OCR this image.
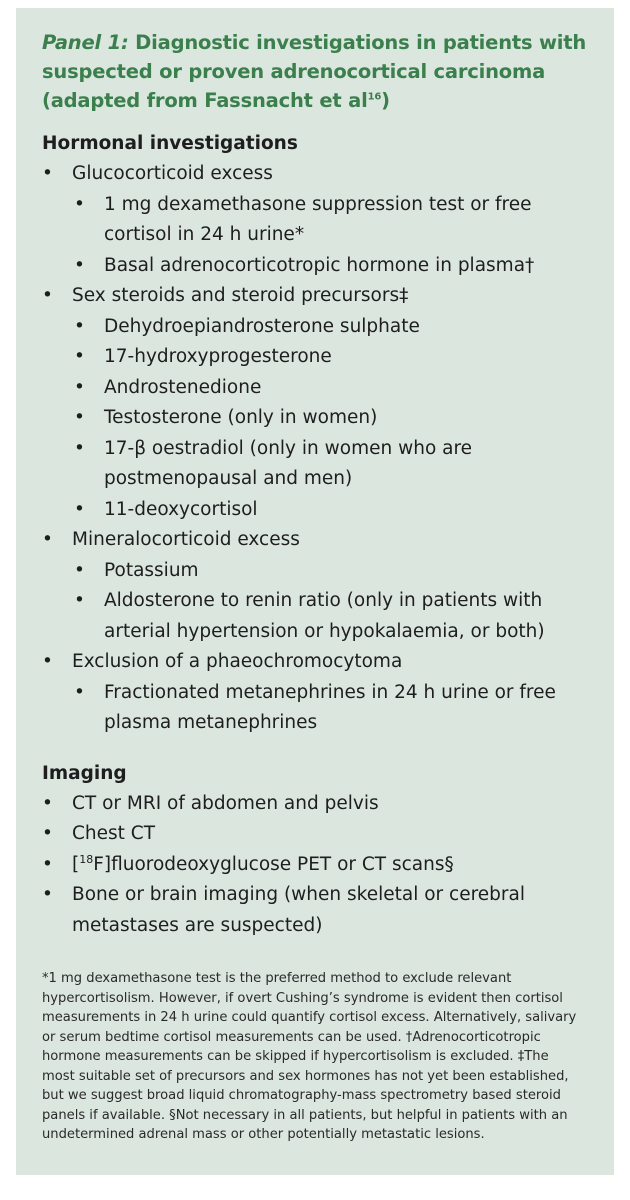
Panel 1: Diagnostic investigations in patients with suspected or proven adrenocortical carcinoma (adapted from Fassnacht et $al^{16}$)
Hormonal investigations
• Glucocorticoid excess
• 1 mg dexamethasone suppression test or free cortisol in 24 h urine*
• Basal adrenocorticotropic hormone in plasma†
• Sex steroids and steroid precursors‡
• Dehydroepiandrosterone sulphate
• 17-hydroxyprogesterone
• Androstenedione
• Testosterone (only in women)
• 17-β oestradiol (only in women who are postmenopausal and men)
• 11-deoxycortisol
• Mineralocorticoid excess
• Potassium
• Aldosterone to renin ratio (only in patients with arterial hypertension or hypokalaemia, or both)
• Exclusion of a phaeochromocytoma
• Fractionated metanephrines in 24 h urine or free plasma metanephrines
Imaging
• CT or MRI of abdomen and pelvis
• Chest CT
• [$^{18}$F]fluorodeoxyglucose PET or CT scans§
• Bone or brain imaging (when skeletal or cerebral metastases are suspected)
*1 mg dexamethasone test is the preferred method to exclude relevant hypercortisolism. However, if overt Cushing’s syndrome is evident then cortisol measurements in 24 h urine could quantify cortisol excess. Alternatively, salivary or serum bedtime cortisol measurements can be used. †Adrenocorticotropic hormone measurements can be skipped if hypercortisolism is excluded. ‡The most suitable set of precursors and sex hormones has not yet been established, but we suggest broad liquid chromatography-mass spectrometry based steroid panels if available. §Not necessary in all patients, but helpful in patients with an undetermined adrenal mass or other potentially metastatic lesions.
